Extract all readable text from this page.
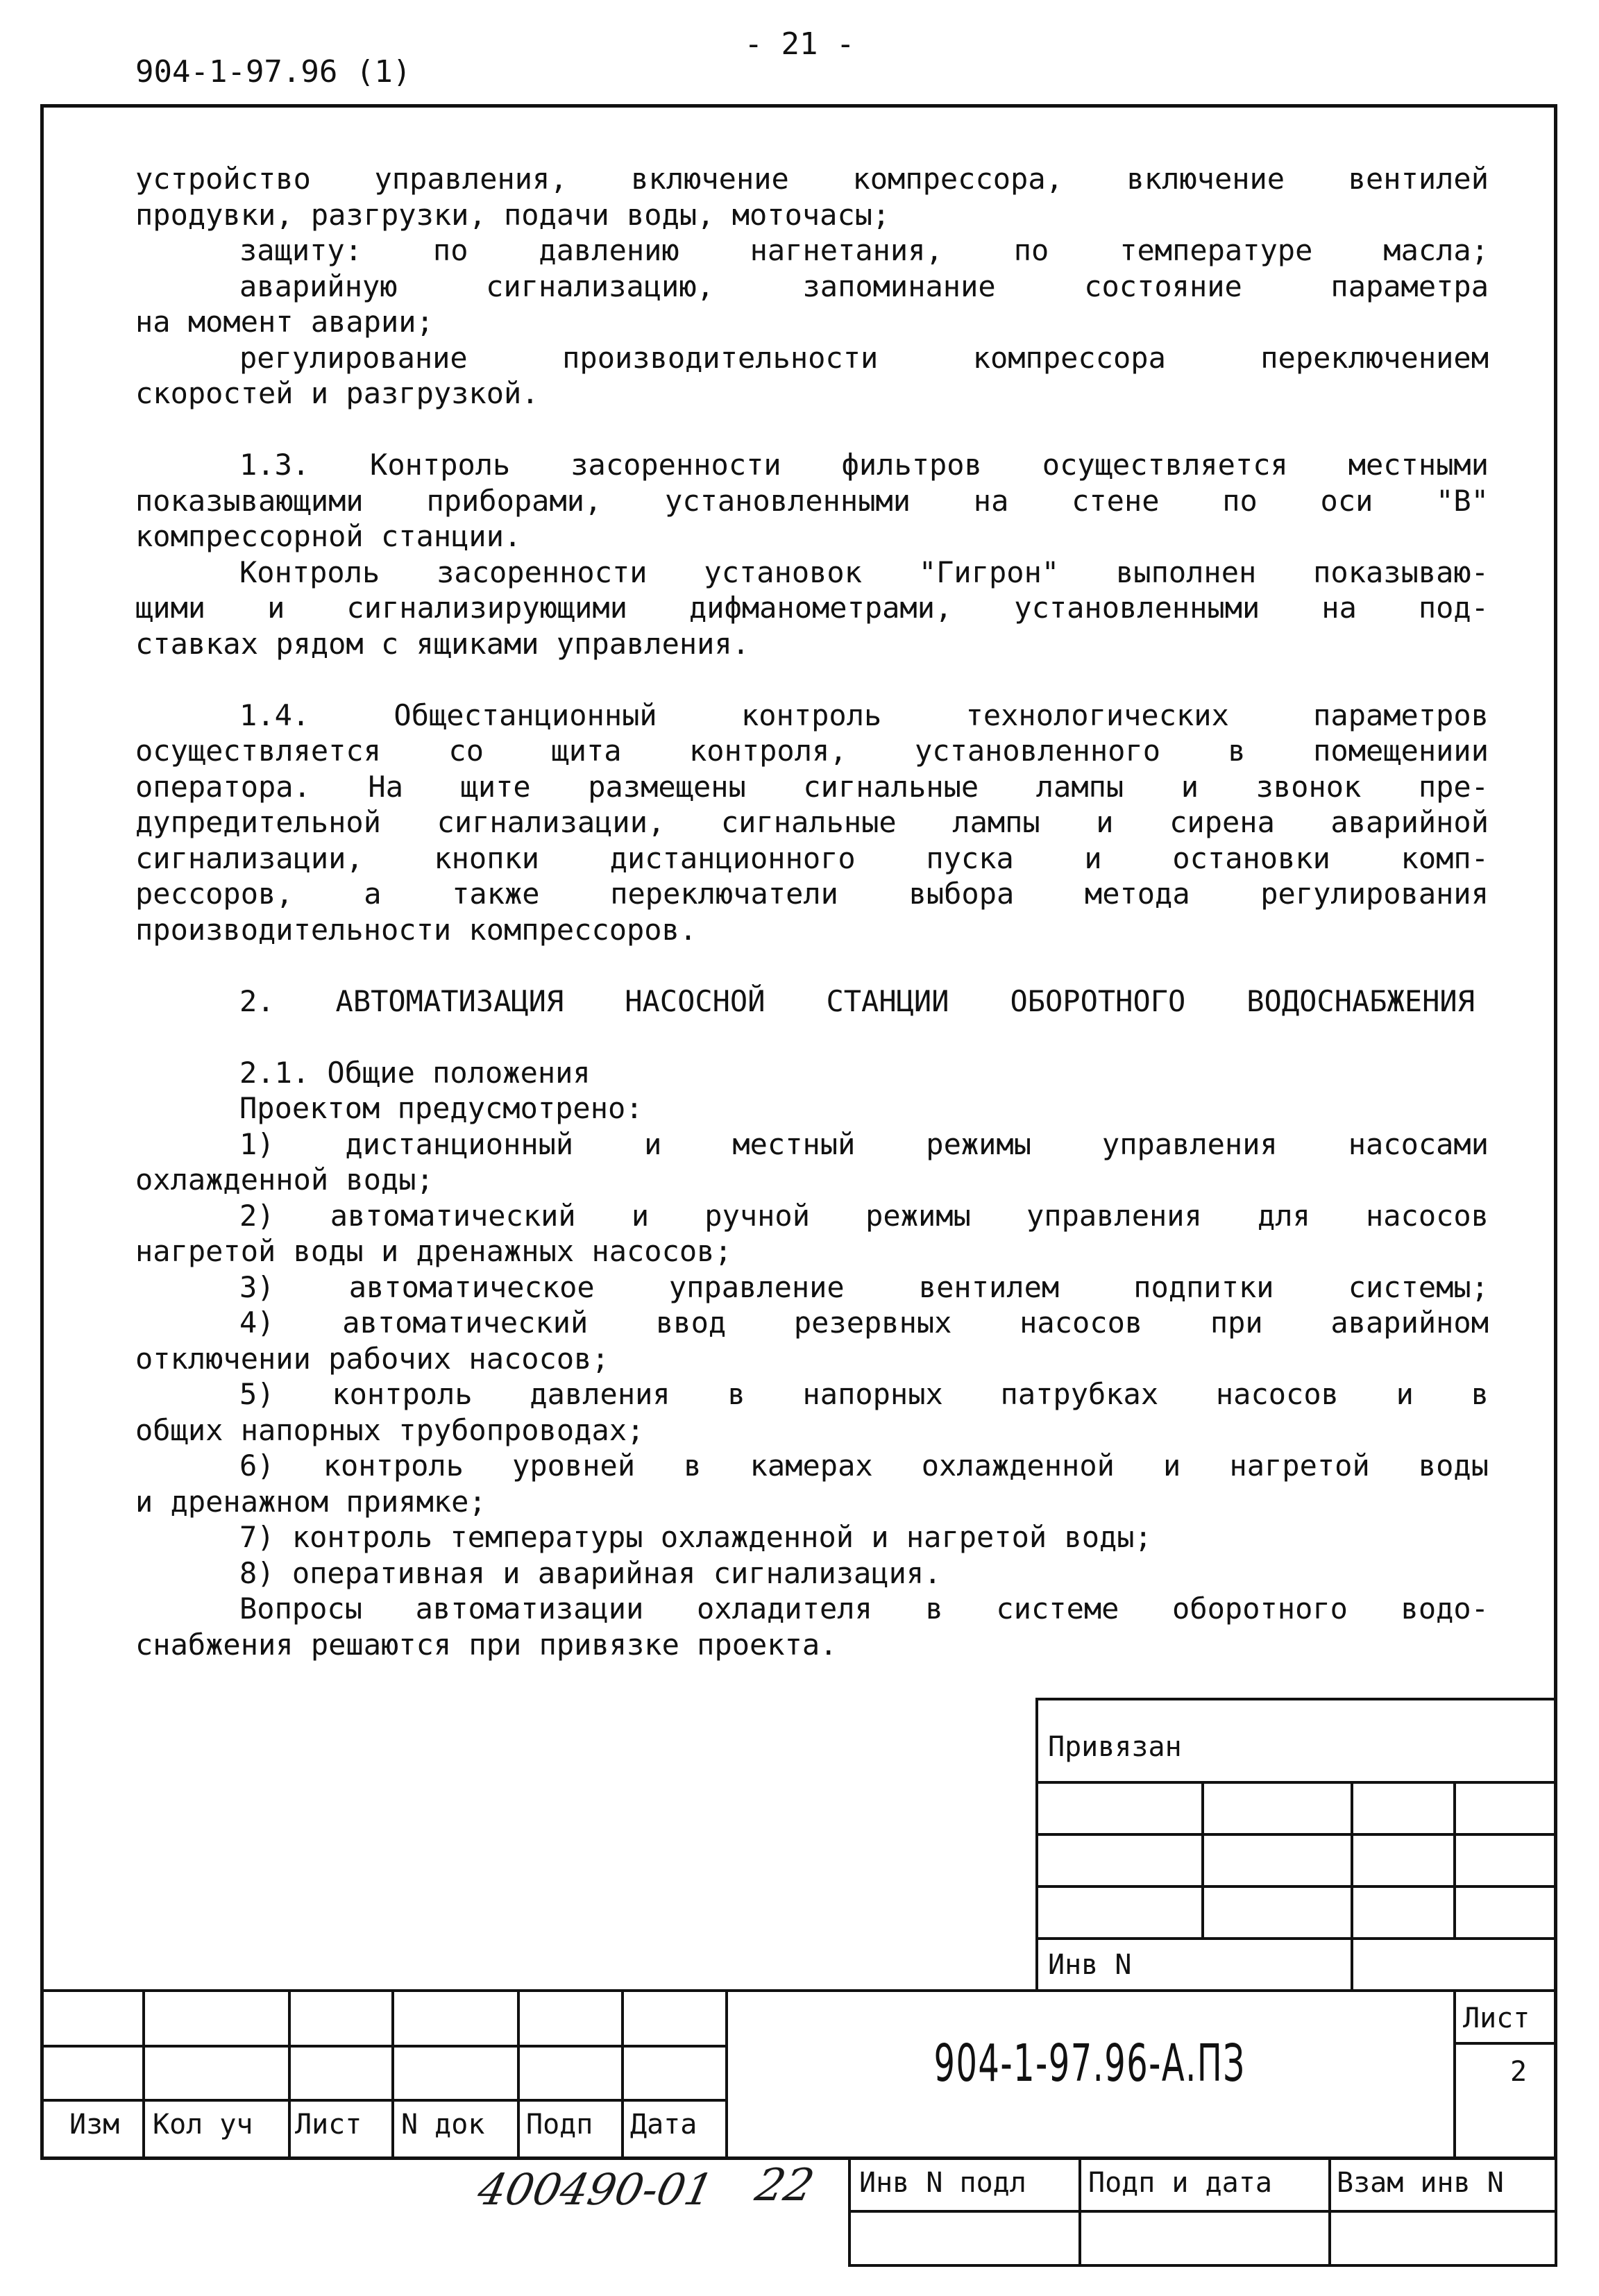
- 21 -
904-1-97.96 (1)
устройство управления, включение компрессора, включение вентилей
продувки, разгрузки, подачи воды, моточасы;
защиту: по давлению нагнетания, по температуре масла;
аварийную сигнализацию, запоминание состояние параметра
на момент аварии;
регулирование производительности компрессора переключением
скоростей и разгрузкой.
1.3. Контроль засоренности фильтров осуществляется местными
показывающими приборами, установленными на стене по оси "В"
компрессорной станции.
Контроль засоренности установок "Гигрон" выполнен показываю-
щими и сигнализирующими дифманометрами, установленными на под-
ставках рядом с ящиками управления.
1.4. Общестанционный контроль технологических параметров
осуществляется со щита контроля, установленного в помещениии
оператора. На щите размещены сигнальные лампы и звонок пре-
дупредительной сигнализации, сигнальные лампы и сирена аварийной
сигнализации, кнопки дистанционного пуска и остановки комп-
рессоров, а также переключатели выбора метода регулирования
производительности компрессоров.
2. АВТОМАТИЗАЦИЯ НАСОСНОЙ СТАНЦИИ ОБОРОТНОГО ВОДОСНАБЖЕНИЯ
2.1. Общие положения
Проектом предусмотрено:
1) дистанционный и местный режимы управления насосами
охлажденной воды;
2) автоматический и ручной режимы управления для насосов
нагретой воды и дренажных насосов;
3) автоматическое управление вентилем подпитки системы;
4) автоматический ввод резервных насосов при аварийном
отключении рабочих насосов;
5) контроль давления в напорных патрубках насосов и в
общих напорных трубопроводах;
6) контроль уровней в камерах охлажденной и нагретой воды
и дренажном приямке;
7) контроль температуры охлажденной и нагретой воды;
8) оперативная и аварийная сигнализация.
Вопросы автоматизации охладителя в системе оборотного водо-
снабжения решаются при привязке проекта.
Привязан
Инв N
Лист
2
904-1-97.96-А.ПЗ
Изм Кол уч Лист N док Подп Дата
Инв N подл Подп и дата Взам инв N
400490-01 22
